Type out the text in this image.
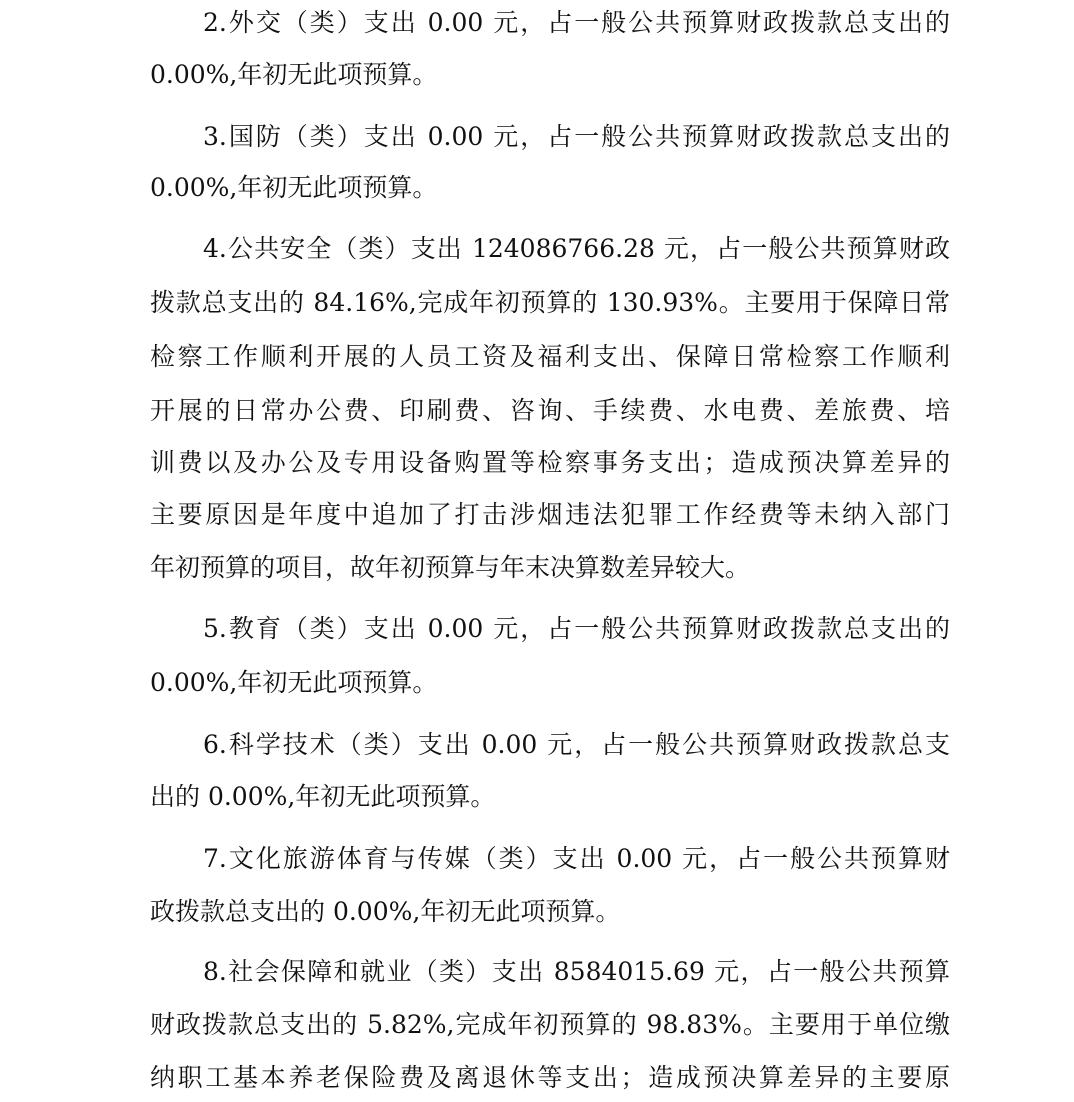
2.外交（类）支出 0.00 元，占一般公共预算财政拨款总支出的
0.00%,年初无此项预算。
3.国防（类）支出 0.00 元，占一般公共预算财政拨款总支出的
0.00%,年初无此项预算。
4.公共安全（类）支出 124086766.28 元，占一般公共预算财政
拨款总支出的 84.16%,完成年初预算的 130.93%。主要用于保障日常
检察工作顺利开展的人员工资及福利支出、保障日常检察工作顺利
开展的日常办公费、印刷费、咨询、手续费、水电费、差旅费、培
训费以及办公及专用设备购置等检察事务支出；造成预决算差异的
主要原因是年度中追加了打击涉烟违法犯罪工作经费等未纳入部门
年初预算的项目，故年初预算与年末决算数差异较大。
5.教育（类）支出 0.00 元，占一般公共预算财政拨款总支出的
0.00%,年初无此项预算。
6.科学技术（类）支出 0.00 元，占一般公共预算财政拨款总支
出的 0.00%,年初无此项预算。
7.文化旅游体育与传媒（类）支出 0.00 元，占一般公共预算财
政拨款总支出的 0.00%,年初无此项预算。
8.社会保障和就业（类）支出 8584015.69 元，占一般公共预算
财政拨款总支出的 5.82%,完成年初预算的 98.83%。主要用于单位缴
纳职工基本养老保险费及离退休等支出；造成预决算差异的主要原
